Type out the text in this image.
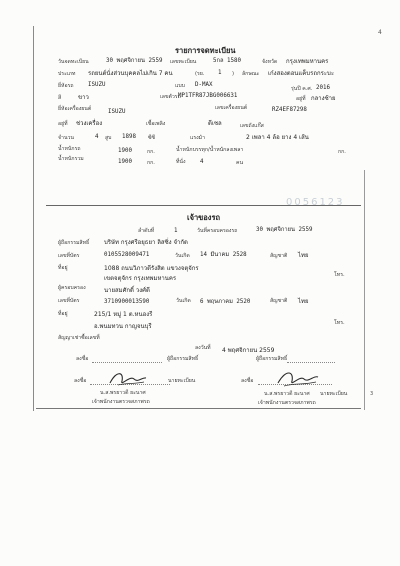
4
รายการจดทะเบียน
วันจดทะเบียน	30 พฤศจิกายน 2559 เลขทะเบียน	5กล 1580	จังหวัด กรุงเทพมหานคร
ประเภท รถยนต์นั่งส่วนบุคคลไม่เกิน 7 คน	(รย. 1 ) ลักษณะ เก๋งสองตอนแค็บรถกระบะ
ยี่ห้อรถ ISUZU	แบบ D-MAX
รุ่นปี ค.ศ. 2016
สี	ขาว	เลขตัวรถ
MP1TFR87JBG006631	อยู่ที่ กลางซ้าย
ยี่ห้อเครื่องยนต์	ISUZU
เลขเครื่องยนต์	RZ4EF87298
อยู่ที่ ช่วงเครื่อง	เชื้อเพลิง	ดีเซล	เลขถังแก๊ส
จำนวน	4 สูบ 1898 ซีซี	แรงม้า	2 เพลา 4 ล้อ ยาง 4 เส้น
น้ำหนักรถ	1900	กก.	น้ำหนักบรรทุก/น้ำหนักลงเพลา	กก.
น้ำหนักรวม	1900	กก.	ที่นั่ง	4	คน
0056123
เจ้าของรถ
ลำดับที่	1	วันที่ครอบครองรถ	30 พฤศจิกายน 2559
ผู้ถือกรรมสิทธิ์ บริษัท กรุงศรีอยุธยา ลิสซิ่ง จำกัด
เลขที่บัตร	0105528009471	วันเกิด 14 มีนาคม 2528	สัญชาติ ไทย
ที่อยู่	1088 ถนนวิภาวดีรังสิต แขวงจตุจักร
เขตจตุจักร กรุงเทพมหานคร	โทร.
ผู้ครอบครอง	นายสมศักดิ์ วงศ์ดี
เลขที่บัตร	3710900013590	วันเกิด 6 พฤษภาคม 2520	สัญชาติ ไทย
ที่อยู่	215/1 หมู่ 1 ต.หนองรี
อ.พนมทวน กาญจนบุรี	โทร.
สัญญาเช่าซื้อเลขที่
ลงวันที่ 4 พฤศจิกายน 2559
ลงชื่อ	ผู้ถือกรรมสิทธิ์	ผู้ถือกรรมสิทธิ์
ลงชื่อ	นายทะเบียน	ลงชื่อ
นายทะเบียน
น.ส.พรยาวดี ยะนาศ
เจ้าพนักงานตรวจสภาพรถ
น.ส.พรยาวดี ยะนาศ
เจ้าพนักงานตรวจสภาพรถ
3
